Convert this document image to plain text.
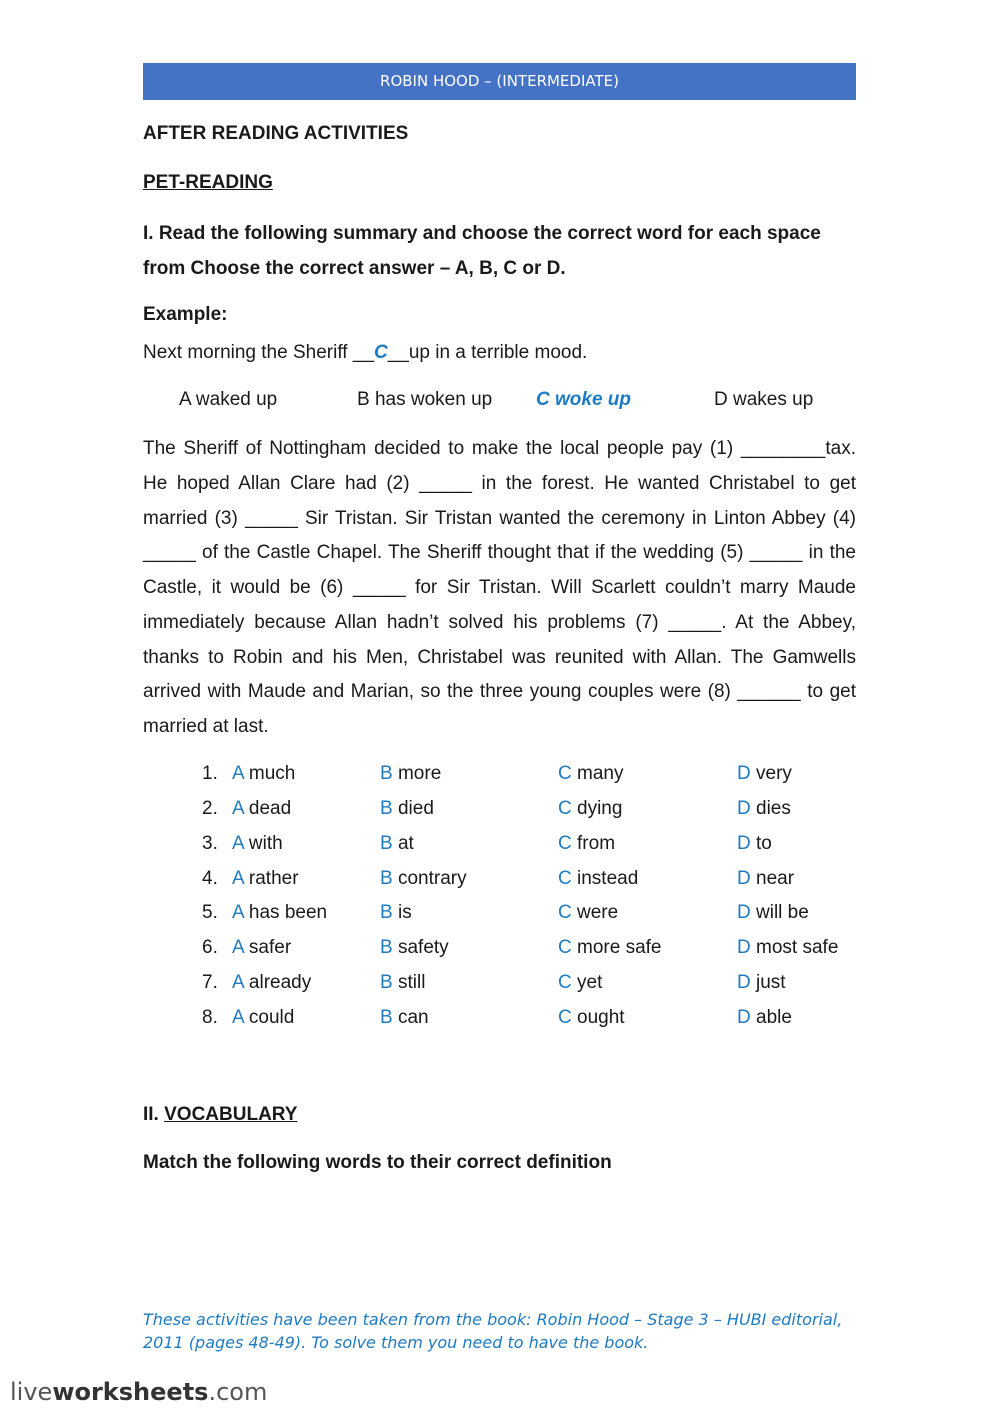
ROBIN HOOD – (INTERMEDIATE)
AFTER READING ACTIVITIES
PET-READING
I. Read the following summary and choose the correct word for each space from Choose the correct answer – A, B, C or D.
Example:
Next morning the Sheriff __C__up in a terrible mood.
A waked up	B has woken up C woke up	D wakes up
The Sheriff of Nottingham decided to make the local people pay (1) ________tax. He hoped Allan Clare had (2) _____ in the forest. He wanted Christabel to get married (3) _____ Sir Tristan. Sir Tristan wanted the ceremony in Linton Abbey (4) _____ of the Castle Chapel. The Sheriff thought that if the wedding (5) _____ in the Castle, it would be (6) _____ for Sir Tristan. Will Scarlett couldn’t marry Maude immediately because Allan hadn’t solved his problems (7) _____. At the Abbey, thanks to Robin and his Men, Christabel was reunited with Allan. The Gamwells arrived with Maude and Marian, so the three young couples were (8) ______ to get married at last.
1. A much	B more	C many	D very
2. A dead	B died	C dying	D dies
3. A with	B at	C from	D to
4. A rather	B contrary	C instead	D near
5. A has been	B is	C were	D will be
6. A safer	B safety	C more safe	D most safe
7. A already	B still	C yet	D just
8. A could	B can	C ought	D able
II. VOCABULARY
Match the following words to their correct definition
These activities have been taken from the book: Robin Hood – Stage 3 – HUBI editorial, 2011 (pages 48-49). To solve them you need to have the book.
liveworksheets.com
